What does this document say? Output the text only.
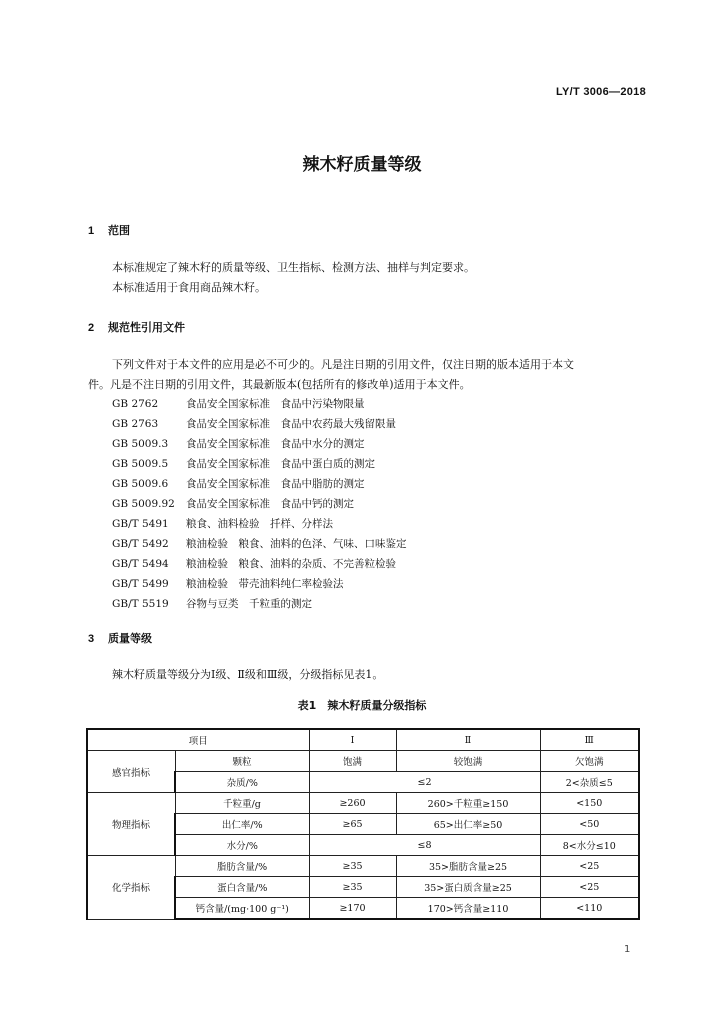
LY/T 3006—2018
辣木籽质量等级
1 范围
本标准规定了辣木籽的质量等级、卫生指标、检测方法、抽样与判定要求。
本标准适用于食用商品辣木籽。
2 规范性引用文件
下列文件对于本文件的应用是必不可少的。凡是注日期的引用文件，仅注日期的版本适用于本文
件。凡是不注日期的引用文件，其最新版本(包括所有的修改单)适用于本文件。
GB 2762	食品安全国家标准　食品中污染物限量
GB 2763	食品安全国家标准　食品中农药最大残留限量
GB 5009.3 食品安全国家标准　食品中水分的测定
GB 5009.5 食品安全国家标准　食品中蛋白质的测定
GB 5009.6 食品安全国家标准　食品中脂肪的测定
GB 5009.92 食品安全国家标准　食品中钙的测定
GB/T 5491 粮食、油料检验　扦样、分样法
GB/T 5492 粮油检验　粮食、油料的色泽、气味、口味鉴定
GB/T 5494 粮油检验　粮食、油料的杂质、不完善粒检验
GB/T 5499 粮油检验　带壳油料纯仁率检验法
GB/T 5519 谷物与豆类　千粒重的测定
3 质量等级
辣木籽质量等级分为Ⅰ级、Ⅱ级和Ⅲ级，分级指标见表1。
表1　辣木籽质量分级指标
项目		Ⅰ	Ⅱ	Ⅲ
感官指标	颗粒	饱满	较饱满	欠饱满
	杂质/%	≤2		2<杂质≤5
物理指标	千粒重/g	≥260	260>千粒重≥150	<150
	出仁率/%	≥65	65>出仁率≥50	<50
	水分/%	≤8		8<水分≤10
化学指标	脂肪含量/%	≥35	35>脂肪含量≥25	<25
	蛋白含量/%	≥35	35>蛋白质含量≥25	<25
	钙含量/(mg·100 g⁻¹)	≥170	170>钙含量≥110	<110
1
